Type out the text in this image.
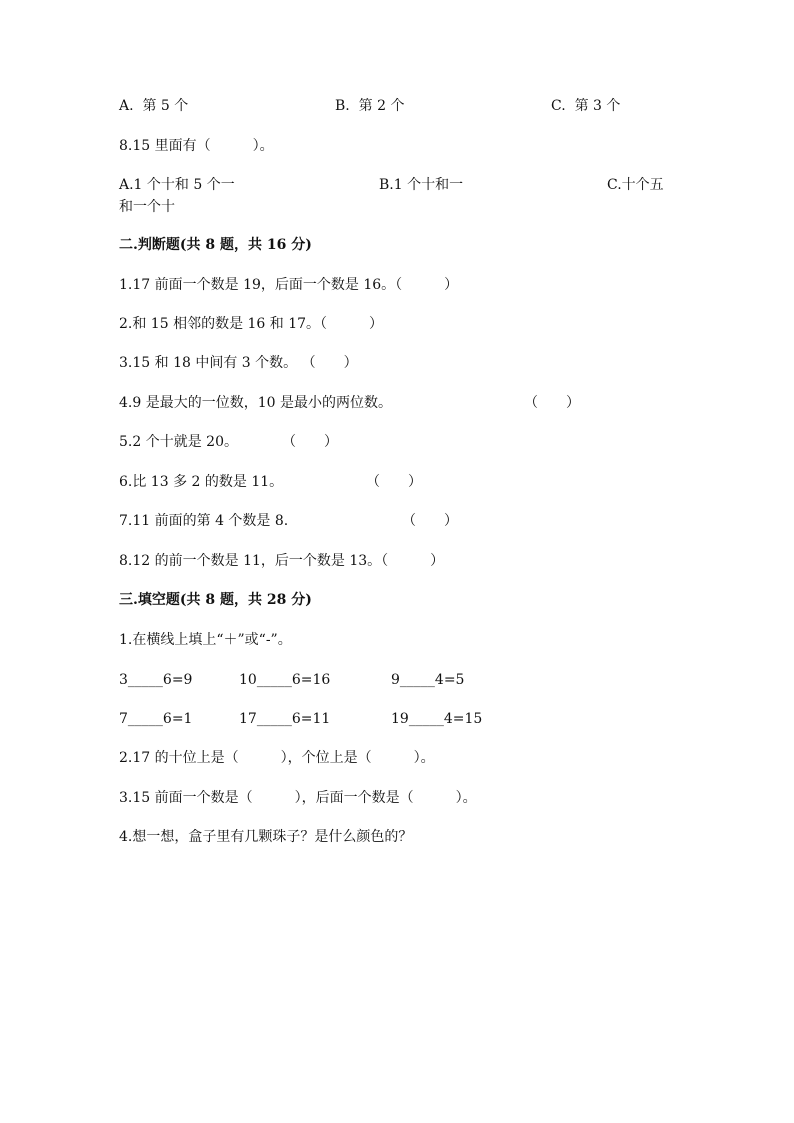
A.  第 5 个	B.  第 2 个	C.  第 3 个
8.15 里面有（　　　）。
A.1 个十和 5 个一	B.1 个十和一	C.十个五
和一个十
二.判断题(共 8 题，共 16 分)
1.17 前面一个数是 19，后面一个数是 16。（　　　）
2.和 15 相邻的数是 16 和 17。（　　　）
3.15 和 18 中间有 3 个数。 （　　）
4.9 是最大的一位数，10 是最小的两位数。	（　　）
5.2 个十就是 20。	（　　）
6.比 13 多 2 的数是 11。	（　　）
7.11 前面的第 4 个数是 8.	（　　）
8.12 的前一个数是 11，后一个数是 13。（　　　）
三.填空题(共 8 题，共 28 分)
1.在横线上填上“＋”或“-”。
3_____6=9	10_____6=16	9_____4=5
7_____6=1	17_____6=11	19_____4=15
2.17 的十位上是（　　　），个位上是（　　　）。
3.15 前面一个数是（　　　），后面一个数是（　　　）。
4.想一想，盒子里有几颗珠子？是什么颜色的？
